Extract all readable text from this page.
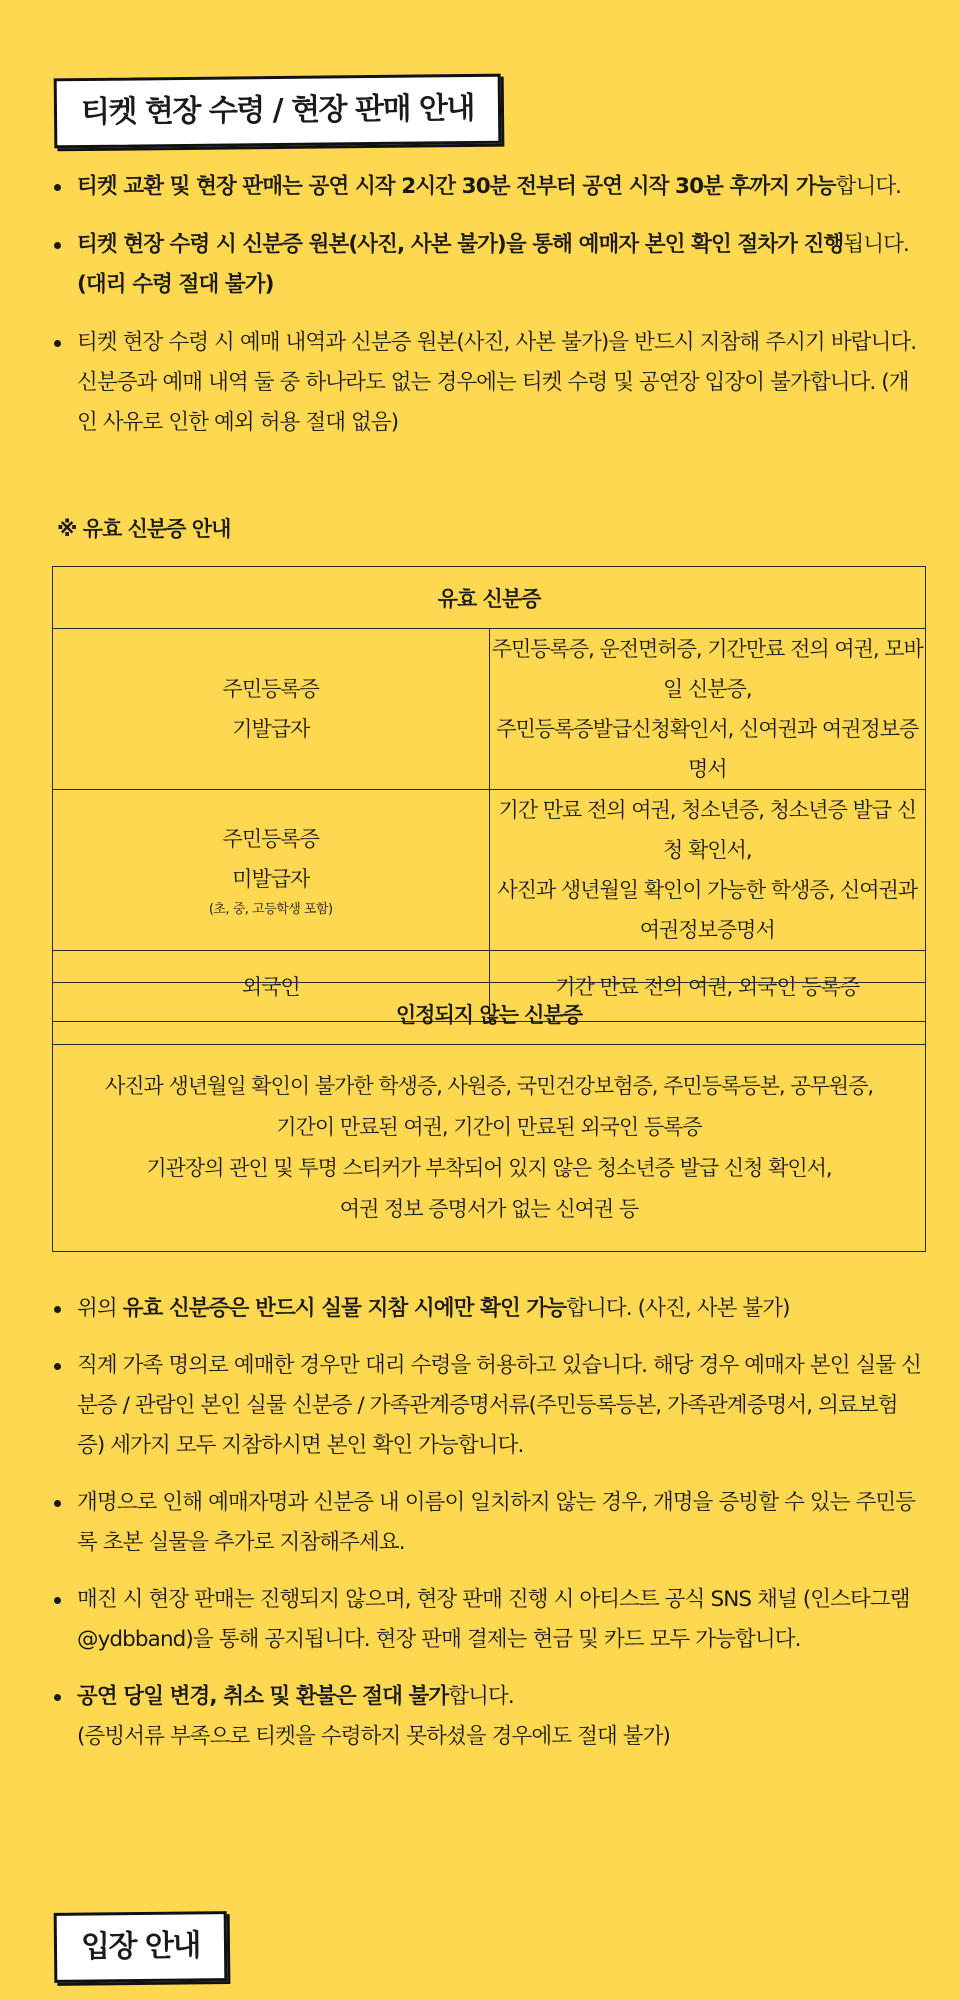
티켓 현장 수령 / 현장 판매 안내
티켓 교환 및 현장 판매는 공연 시작 2시간 30분 전부터 공연 시작 30분 후까지 가능합니다.
티켓 현장 수령 시 신분증 원본(사진, 사본 불가)을 통해 예매자 본인 확인 절차가 진행됩니다. (대리 수령 절대 불가)
티켓 현장 수령 시 예매 내역과 신분증 원본(사진, 사본 불가)을 반드시 지참해 주시기 바랍니다. 신분증과 예매 내역 둘 중 하나라도 없는 경우에는 티켓 수령 및 공연장 입장이 불가합니다. (개인 사유로 인한 예외 허용 절대 없음)
※ 유효 신분증 안내
유효 신분증	

주민등록증
기발급자	주민등록증, 운전면허증, 기간만료 전의 여권, 모바일 신분증,
주민등록증발급신청확인서, 신여권과 여권정보증명서

주민등록증
미발급자
(초, 중, 고등학생 포함)	기간 만료 전의 여권, 청소년증, 청소년증 발급 신청 확인서,
사진과 생년월일 확인이 가능한 학생증, 신여권과 여권정보증명서

외국인	기간 만료 전의 여권, 외국인 등록증
인정되지 않는 신분증

사진과 생년월일 확인이 불가한 학생증, 사원증, 국민건강보험증, 주민등록등본, 공무원증,
기간이 만료된 여권, 기간이 만료된 외국인 등록증
기관장의 관인 및 투명 스티커가 부착되어 있지 않은 청소년증 발급 신청 확인서,
여권 정보 증명서가 없는 신여권 등
위의 유효 신분증은 반드시 실물 지참 시에만 확인 가능합니다. (사진, 사본 불가)
직계 가족 명의로 예매한 경우만 대리 수령을 허용하고 있습니다. 해당 경우 예매자 본인 실물 신분증 / 관람인 본인 실물 신분증 / 가족관계증명서류(주민등록등본, 가족관계증명서, 의료보험증) 세가지 모두 지참하시면 본인 확인 가능합니다.
개명으로 인해 예매자명과 신분증 내 이름이 일치하지 않는 경우, 개명을 증빙할 수 있는 주민등록 초본 실물을 추가로 지참해주세요.
매진 시 현장 판매는 진행되지 않으며, 현장 판매 진행 시 아티스트 공식 SNS 채널 (인스타그램 @ydbband)을 통해 공지됩니다. 현장 판매 결제는 현금 및 카드 모두 가능합니다.
공연 당일 변경, 취소 및 환불은 절대 불가합니다.
(증빙서류 부족으로 티켓을 수령하지 못하셨을 경우에도 절대 불가)
입장 안내
